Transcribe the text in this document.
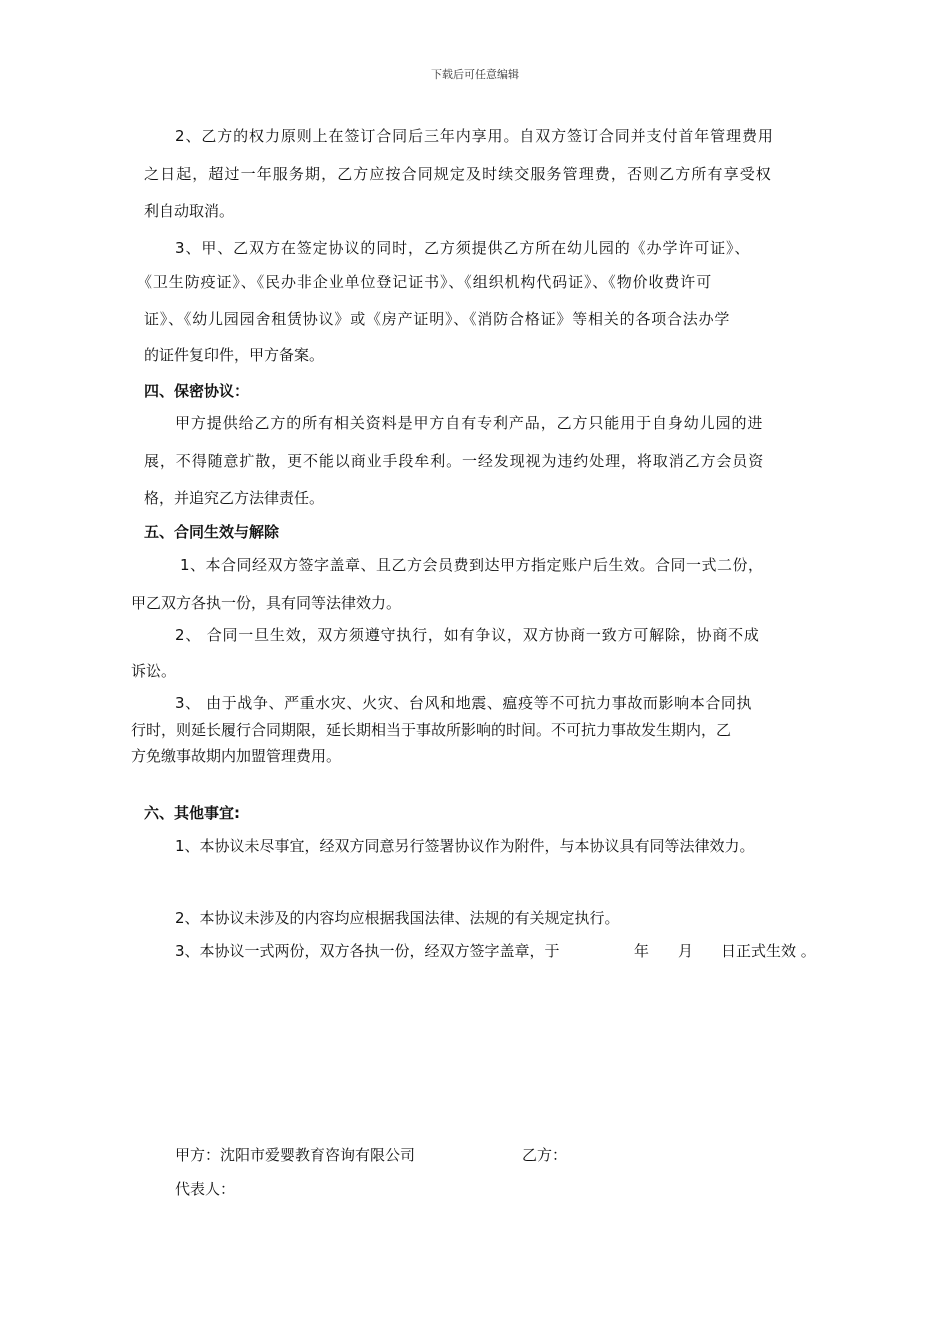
下载后可任意编辑
2、乙方的权力原则上在签订合同后三年内享用。自双方签订合同并支付首年管理费用
之日起，超过一年服务期，乙方应按合同规定及时续交服务管理费，否则乙方所有享受权
利自动取消。
3、甲、乙双方在签定协议的同时，乙方须提供乙方所在幼儿园的《办学许可证》、
《卫生防疫证》、《民办非企业单位登记证书》、《组织机构代码证》、《物价收费许可
证》、《幼儿园园舍租赁协议》或《房产证明》、《消防合格证》等相关的各项合法办学
的证件复印件，甲方备案。
四、保密协议：
甲方提供给乙方的所有相关资料是甲方自有专利产品，乙方只能用于自身幼儿园的进
展，不得随意扩散，更不能以商业手段牟利。一经发现视为违约处理，将取消乙方会员资
格，并追究乙方法律责任。
五、合同生效与解除
1、本合同经双方签字盖章、且乙方会员费到达甲方指定账户后生效。合同一式二份，
甲乙双方各执一份，具有同等法律效力。
2、 合同一旦生效，双方须遵守执行，如有争议，双方协商一致方可解除，协商不成
诉讼。
3、 由于战争、严重水灾、火灾、台风和地震、瘟疫等不可抗力事故而影响本合同执
行时，则延长履行合同期限，延长期相当于事故所影响的时间。不可抗力事故发生期内，乙
方免缴事故期内加盟管理费用。
六、其他事宜:
1、本协议未尽事宜，经双方同意另行签署协议作为附件，与本协议具有同等法律效力。
2、本协议未涉及的内容均应根据我国法律、法规的有关规定执行。
3、本协议一式两份，双方各执一份，经双方签字盖章，于	年 月 日正式生效 。
甲方：沈阳市爱婴教育咨询有限公司	乙方：
代表人：
